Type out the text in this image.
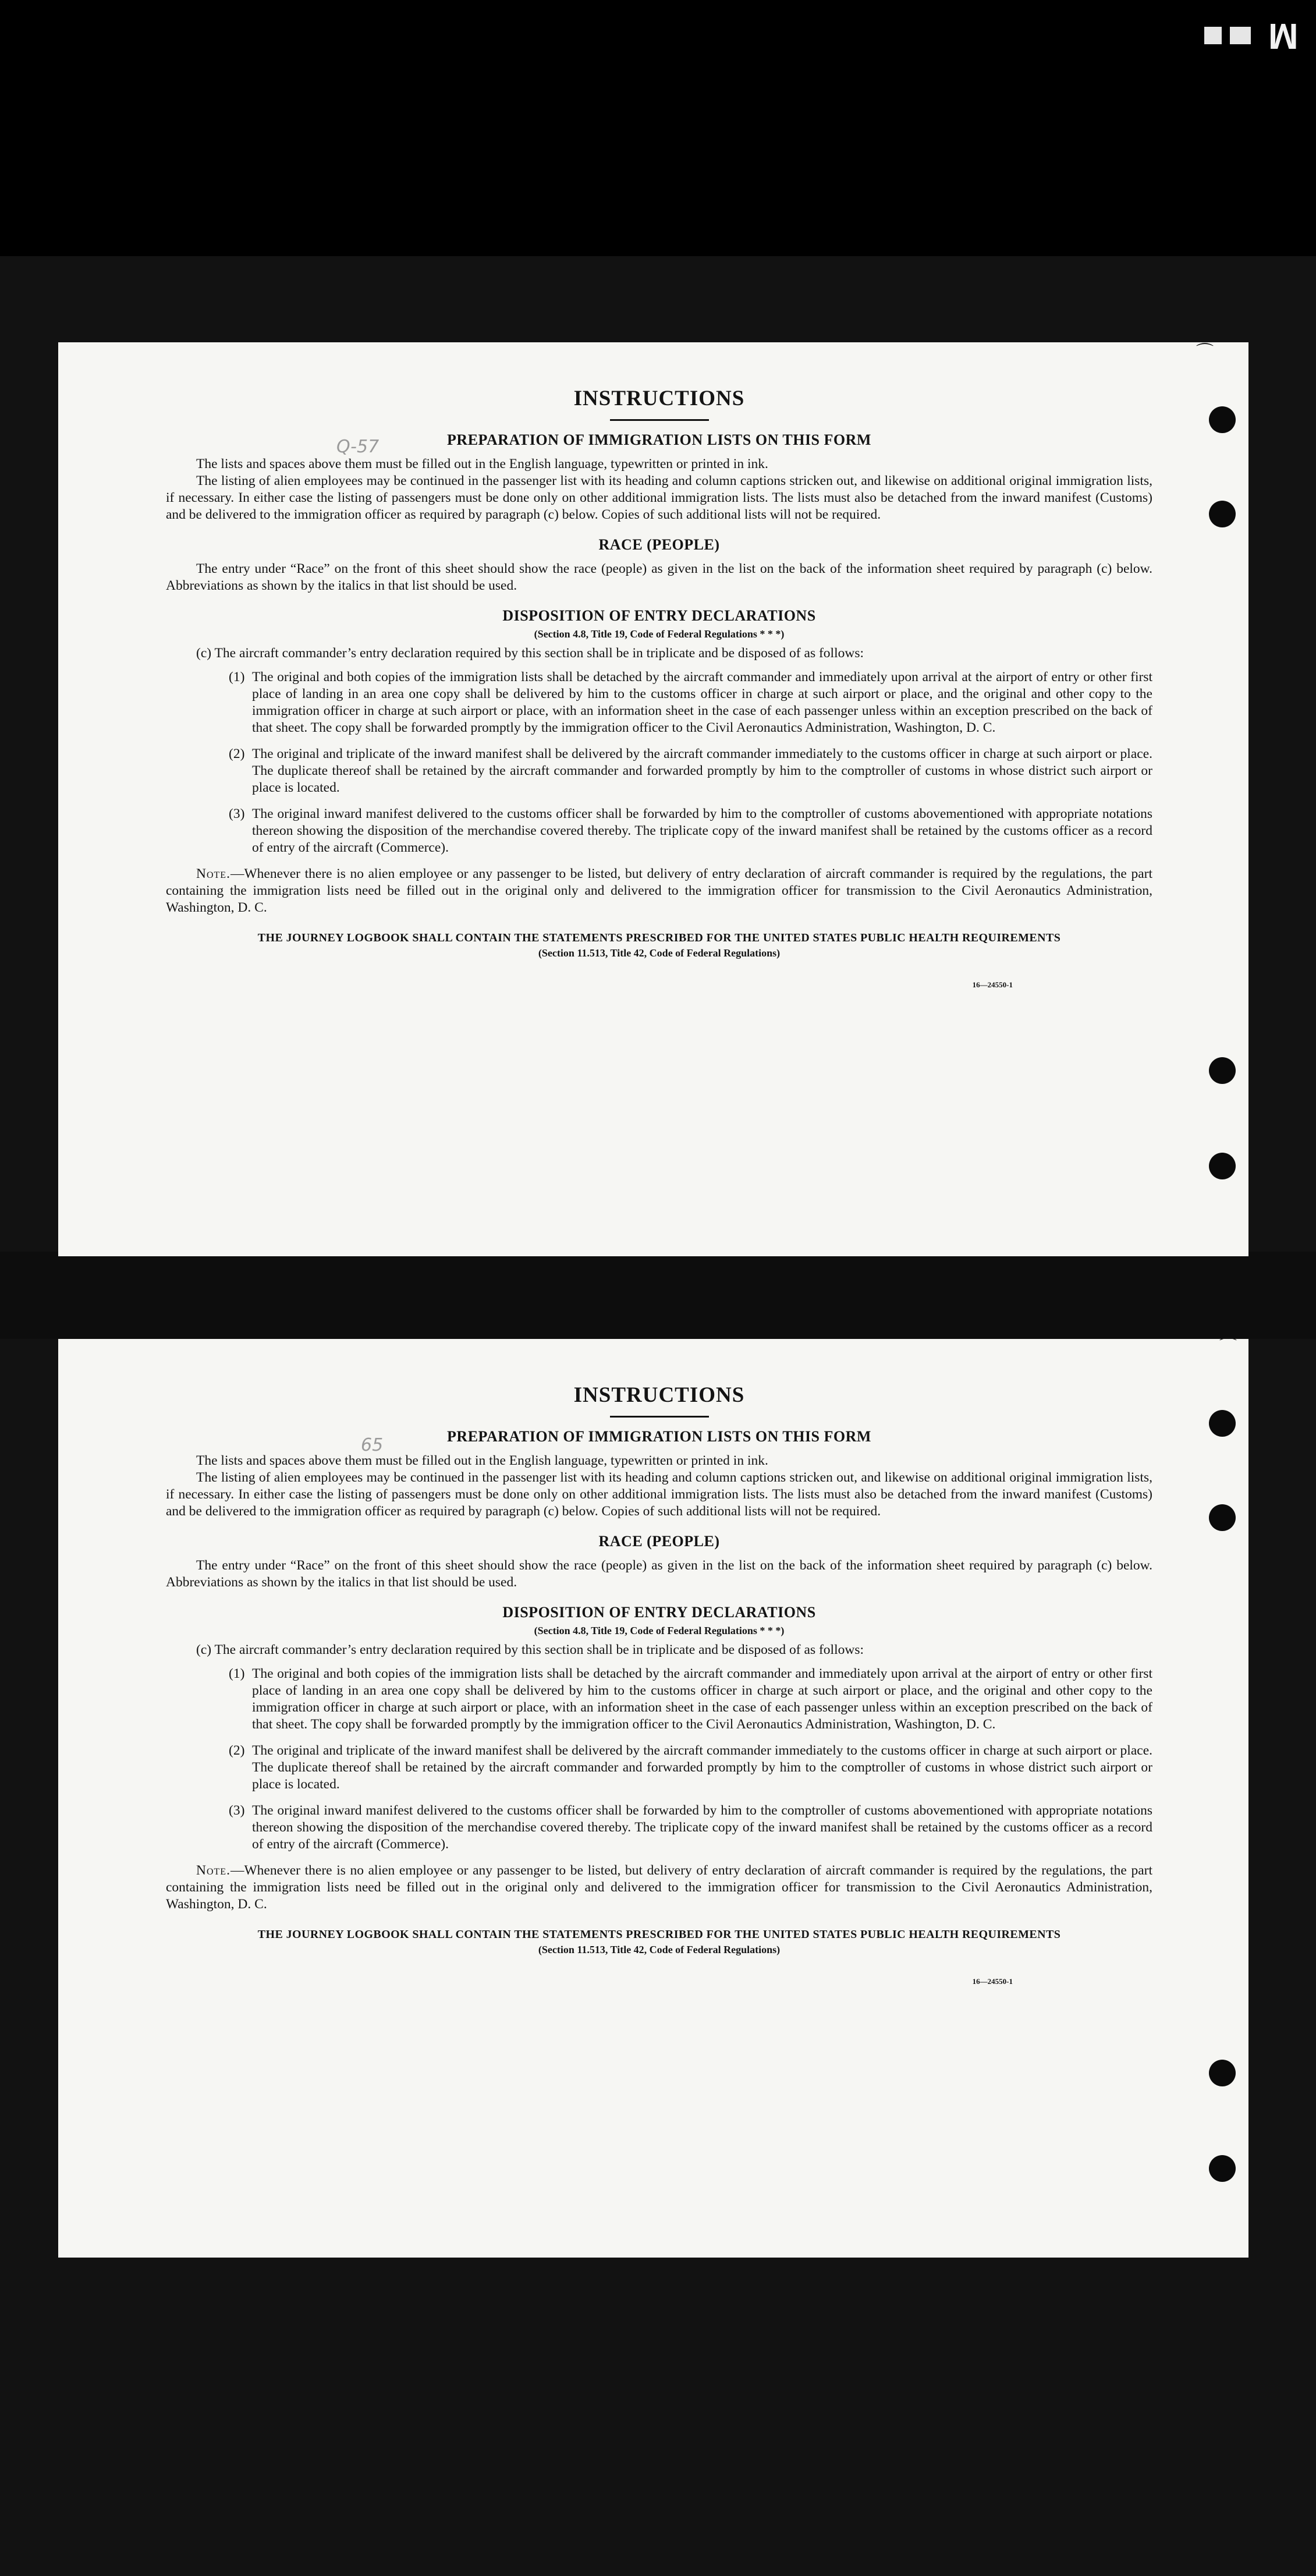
M
⌒
Q-57
INSTRUCTIONS
PREPARATION OF IMMIGRATION LISTS ON THIS FORM

The lists and spaces above them must be filled out in the English language, typewritten or printed in ink.

The listing of alien employees may be continued in the passenger list with its heading and column captions stricken out, and likewise on additional original immigration lists, if necessary. In either case the listing of passengers must be done only on other additional immigration lists. The lists must also be detached from the inward manifest (Customs) and be delivered to the immigration officer as required by paragraph (c) below. Copies of such additional lists will not be required.

RACE (PEOPLE)

The entry under “Race” on the front of this sheet should show the race (people) as given in the list on the back of the information sheet required by paragraph (c) below. Abbreviations as shown by the italics in that list should be used.

DISPOSITION OF ENTRY DECLARATIONS
(Section 4.8, Title 19, Code of Federal Regulations * * *)

(c) The aircraft commander’s entry declaration required by this section shall be in triplicate and be disposed of as follows:

(1) The original and both copies of the immigration lists shall be detached by the aircraft commander and immediately upon arrival at the airport of entry or other first place of landing in an area one copy shall be delivered by him to the customs officer in charge at such airport or place, and the original and other copy to the immigration officer in charge at such airport or place, with an information sheet in the case of each passenger unless within an exception prescribed on the back of that sheet. The copy shall be forwarded promptly by the immigration officer to the Civil Aeronautics Administration, Washington, D. C.
(2) The original and triplicate of the inward manifest shall be delivered by the aircraft commander immediately to the customs officer in charge at such airport or place. The duplicate thereof shall be retained by the aircraft commander and forwarded promptly by him to the comptroller of customs in whose district such airport or place is located.
(3) The original inward manifest delivered to the customs officer shall be forwarded by him to the comptroller of customs abovementioned with appropriate notations thereon showing the disposition of the merchandise covered thereby. The triplicate copy of the inward manifest shall be retained by the customs officer as a record of entry of the aircraft (Commerce).

Note.—Whenever there is no alien employee or any passenger to be listed, but delivery of entry declaration of aircraft commander is required by the regulations, the part containing the immigration lists need be filled out in the original only and delivered to the immigration officer for transmission to the Civil Aeronautics Administration, Washington, D. C.

THE JOURNEY LOGBOOK SHALL CONTAIN THE STATEMENTS PRESCRIBED FOR THE UNITED STATES PUBLIC HEALTH REQUIREMENTS
(Section 11.513, Title 42, Code of Federal Regulations)
16—24550-1
⌒
65
INSTRUCTIONS
PREPARATION OF IMMIGRATION LISTS ON THIS FORM

The lists and spaces above them must be filled out in the English language, typewritten or printed in ink.

The listing of alien employees may be continued in the passenger list with its heading and column captions stricken out, and likewise on additional original immigration lists, if necessary. In either case the listing of passengers must be done only on other additional immigration lists. The lists must also be detached from the inward manifest (Customs) and be delivered to the immigration officer as required by paragraph (c) below. Copies of such additional lists will not be required.

RACE (PEOPLE)

The entry under “Race” on the front of this sheet should show the race (people) as given in the list on the back of the information sheet required by paragraph (c) below. Abbreviations as shown by the italics in that list should be used.

DISPOSITION OF ENTRY DECLARATIONS
(Section 4.8, Title 19, Code of Federal Regulations * * *)

(c) The aircraft commander’s entry declaration required by this section shall be in triplicate and be disposed of as follows:

(1) The original and both copies of the immigration lists shall be detached by the aircraft commander and immediately upon arrival at the airport of entry or other first place of landing in an area one copy shall be delivered by him to the customs officer in charge at such airport or place, and the original and other copy to the immigration officer in charge at such airport or place, with an information sheet in the case of each passenger unless within an exception prescribed on the back of that sheet. The copy shall be forwarded promptly by the immigration officer to the Civil Aeronautics Administration, Washington, D. C.
(2) The original and triplicate of the inward manifest shall be delivered by the aircraft commander immediately to the customs officer in charge at such airport or place. The duplicate thereof shall be retained by the aircraft commander and forwarded promptly by him to the comptroller of customs in whose district such airport or place is located.
(3) The original inward manifest delivered to the customs officer shall be forwarded by him to the comptroller of customs abovementioned with appropriate notations thereon showing the disposition of the merchandise covered thereby. The triplicate copy of the inward manifest shall be retained by the customs officer as a record of entry of the aircraft (Commerce).

Note.—Whenever there is no alien employee or any passenger to be listed, but delivery of entry declaration of aircraft commander is required by the regulations, the part containing the immigration lists need be filled out in the original only and delivered to the immigration officer for transmission to the Civil Aeronautics Administration, Washington, D. C.

THE JOURNEY LOGBOOK SHALL CONTAIN THE STATEMENTS PRESCRIBED FOR THE UNITED STATES PUBLIC HEALTH REQUIREMENTS
(Section 11.513, Title 42, Code of Federal Regulations)
16—24550-1
